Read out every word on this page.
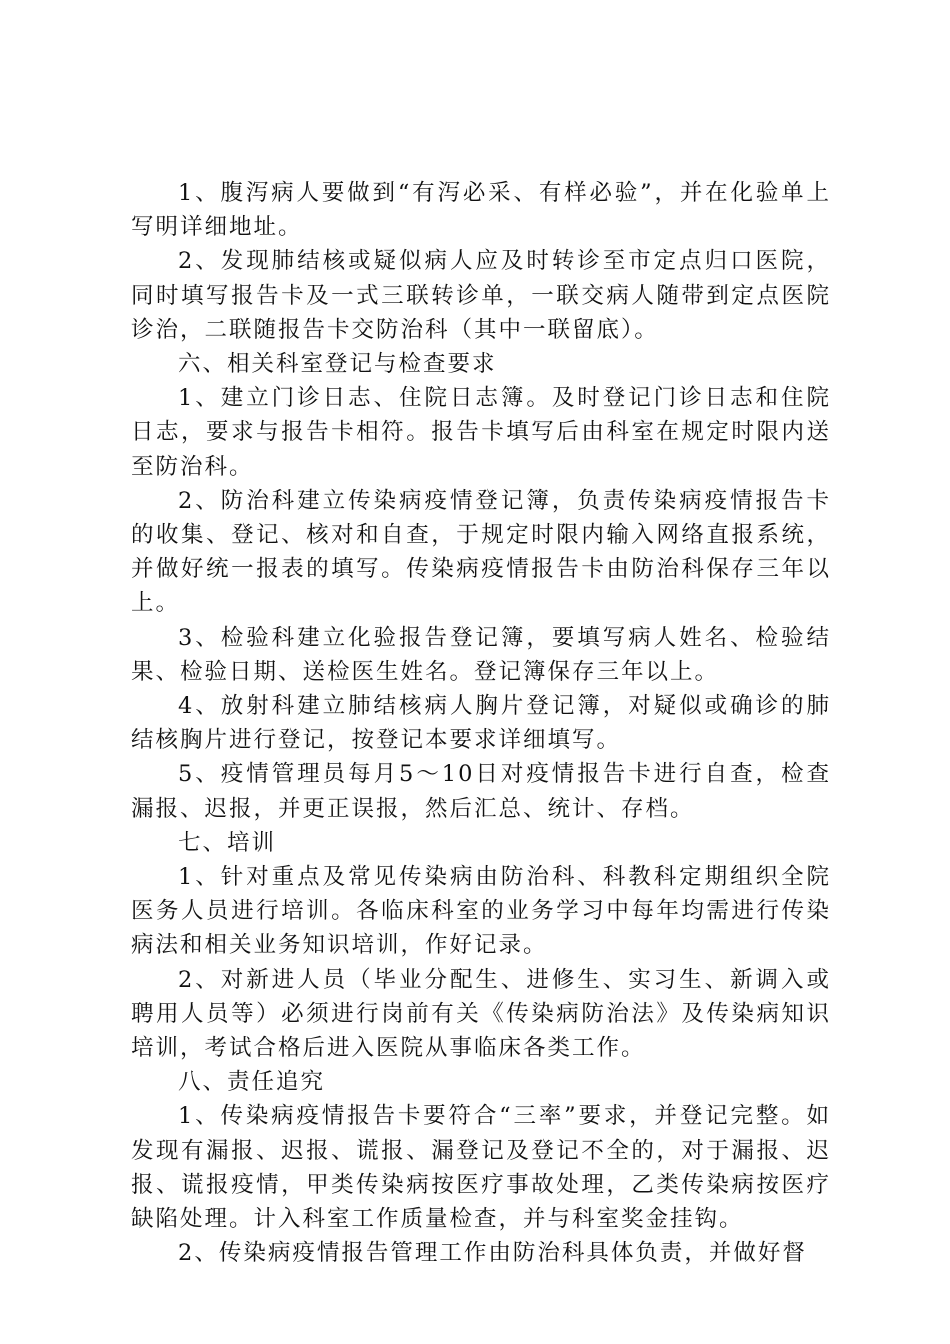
1、腹泻病人要做到“有泻必采、有样必验”，并在化验单上写明详细地址。

2、发现肺结核或疑似病人应及时转诊至市定点归口医院，同时填写报告卡及一式三联转诊单，一联交病人随带到定点医院诊治，二联随报告卡交防治科（其中一联留底）。

六、相关科室登记与检查要求

1、建立门诊日志、住院日志簿。及时登记门诊日志和住院日志，要求与报告卡相符。报告卡填写后由科室在规定时限内送至防治科。

2、防治科建立传染病疫情登记簿，负责传染病疫情报告卡的收集、登记、核对和自查，于规定时限内输入网络直报系统，并做好统一报表的填写。传染病疫情报告卡由防治科保存三年以上。

3、检验科建立化验报告登记簿，要填写病人姓名、检验结果、检验日期、送检医生姓名。登记簿保存三年以上。

4、放射科建立肺结核病人胸片登记簿，对疑似或确诊的肺结核胸片进行登记，按登记本要求详细填写。

5、疫情管理员每月5～10日对疫情报告卡进行自查，检查漏报、迟报，并更正误报，然后汇总、统计、存档。

七、培训

1、针对重点及常见传染病由防治科、科教科定期组织全院医务人员进行培训。各临床科室的业务学习中每年均需进行传染病法和相关业务知识培训，作好记录。

2、对新进人员（毕业分配生、进修生、实习生、新调入或聘用人员等）必须进行岗前有关《传染病防治法》及传染病知识培训，考试合格后进入医院从事临床各类工作。

八、责任追究

1、传染病疫情报告卡要符合“三率”要求，并登记完整。如发现有漏报、迟报、谎报、漏登记及登记不全的，对于漏报、迟报、谎报疫情，甲类传染病按医疗事故处理，乙类传染病按医疗缺陷处理。计入科室工作质量检查，并与科室奖金挂钩。

2、传染病疫情报告管理工作由防治科具体负责，并做好督
